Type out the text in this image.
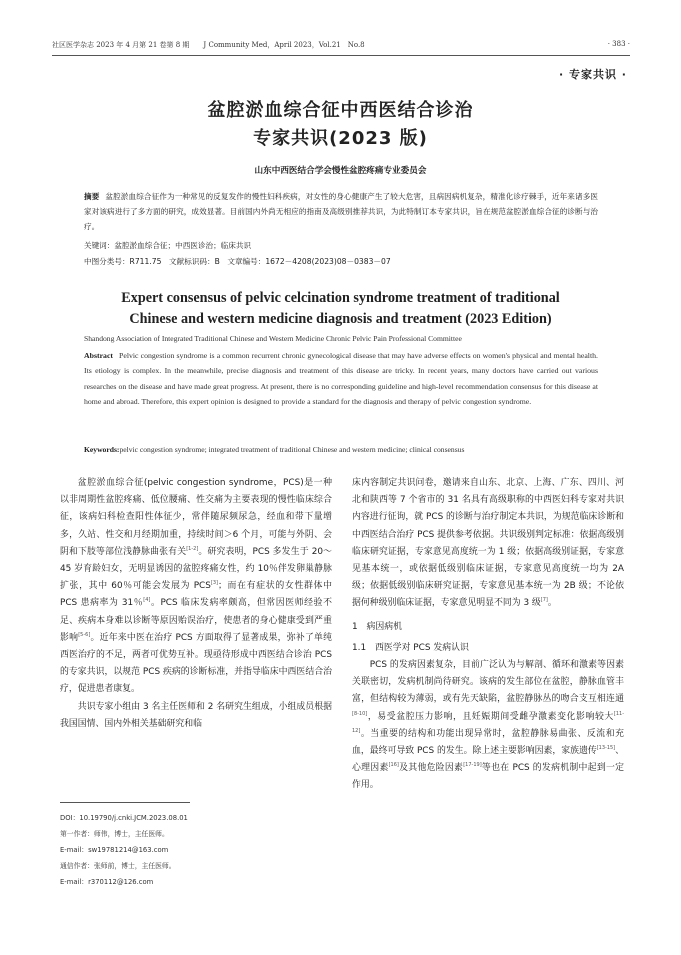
社区医学杂志 2023 年 4 月第 21 卷第 8 期　　J Community Med，April 2023，Vol.21　No.8	· 383 ·
· 专家共识 ·
盆腔淤血综合征中西医结合诊治
专家共识(2023 版)
山东中西医结合学会慢性盆腔疼痛专业委员会
摘要 盆腔淤血综合征作为一种常见的反复发作的慢性妇科疾病，对女性的身心健康产生了较大危害，且病因病机复杂，精准化诊疗棘手，近年来诸多医家对该病进行了多方面的研究，成效显著。目前国内外尚无相应的指南及高级别推荐共识，为此特制订本专家共识，旨在规范盆腔淤血综合征的诊断与治疗。
关键词：盆腔淤血综合征；中西医诊治；临床共识
中图分类号：R711.75　文献标识码：B　文章编号：1672－4208(2023)08－0383－07
Expert consensus of pelvic celcination syndrome treatment of traditional
Chinese and western medicine diagnosis and treatment (2023 Edition)
Shandong Association of Integrated Traditional Chinese and Western Medicine Chronic Pelvic Pain Professional Committee
Abstract Pelvic congestion syndrome is a common recurrent chronic gynecological disease that may have adverse effects on women's physical and mental health. Its etiology is complex. In the meanwhile, precise diagnosis and treatment of this disease are tricky. In recent years, many doctors have carried out various researches on the disease and have made great progress. At present, there is no corresponding guideline and high-level recommendation consensus for this disease at home and abroad. Therefore, this expert opinion is designed to provide a standard for the diagnosis and therapy of pelvic congestion syndrome.
Keywords:pelvic congestion syndrome; integrated treatment of traditional Chinese and western medicine; clinical consensus

盆腔淤血综合征(pelvic congestion syndrome，PCS)是一种以非周期性盆腔疼痛、低位腰痛、性交痛为主要表现的慢性临床综合征，该病妇科检查阳性体征少，常伴随尿频尿急，经血和带下量增多，久站、性交和月经期加重，持续时间＞6 个月，可能与外阴、会阴和下肢等部位浅静脉曲张有关[1-2]。研究表明，PCS 多发生于 20～45 岁育龄妇女，无明显诱因的盆腔疼痛女性，约 10％伴发卵巢静脉扩张，其中 60％可能会发展为 PCS[3]；而在有症状的女性群体中 PCS 患病率为 31％[4]。PCS 临床发病率颇高，但常因医师经验不足、疾病本身难以诊断等原因贻误治疗，使患者的身心健康受到严重影响[5-6]。近年来中医在治疗 PCS 方面取得了显著成果，弥补了单纯西医治疗的不足，两者可优势互补。现亟待形成中西医结合诊治 PCS 的专家共识，以规范 PCS 疾病的诊断标准，并指导临床中西医结合治疗，促进患者康复。

共识专家小组由 3 名主任医师和 2 名研究生组成，小组成员根据我国国情、国内外相关基础研究和临

床内容制定共识问卷，邀请来自山东、北京、上海、广东、四川、河北和陕西等 7 个省市的 31 名具有高级职称的中西医妇科专家对共识内容进行征询，就 PCS 的诊断与治疗制定本共识，为规范临床诊断和中西医结合治疗 PCS 提供参考依据。共识级别判定标准：依据高级别临床研究证据，专家意见高度统一为 1 级；依据高级别证据，专家意见基本统一，或依据低级别临床证据，专家意见高度统一均为 2A 级；依据低级别临床研究证据，专家意见基本统一为 2B 级；不论依据何种级别临床证据，专家意见明显不同为 3 级[7]。

1　病因病机

1.1　西医学对 PCS 发病认识

PCS 的发病因素复杂，目前广泛认为与解剖、循环和激素等因素关联密切，发病机制尚待研究。该病的发生部位在盆腔，静脉血管丰富，但结构较为薄弱，或有先天缺陷，盆腔静脉丛的吻合支互相连通[8-10]，易受盆腔压力影响，且妊娠期间受雌孕激素变化影响较大[11-12]。当重要的结构和功能出现异常时，盆腔静脉易曲张、反流和充血，最终可导致 PCS 的发生。除上述主要影响因素，家族遗传[13-15]、心理因素[16]及其他危险因素[17-19]等也在 PCS 的发病机制中起到一定作用。

DOI：10.19790/j.cnki.JCM.2023.08.01
第一作者：师伟，博士，主任医师。
E-mail：sw19781214@163.com
通信作者：张师前，博士，主任医师。
E-mail：r370112@126.com
